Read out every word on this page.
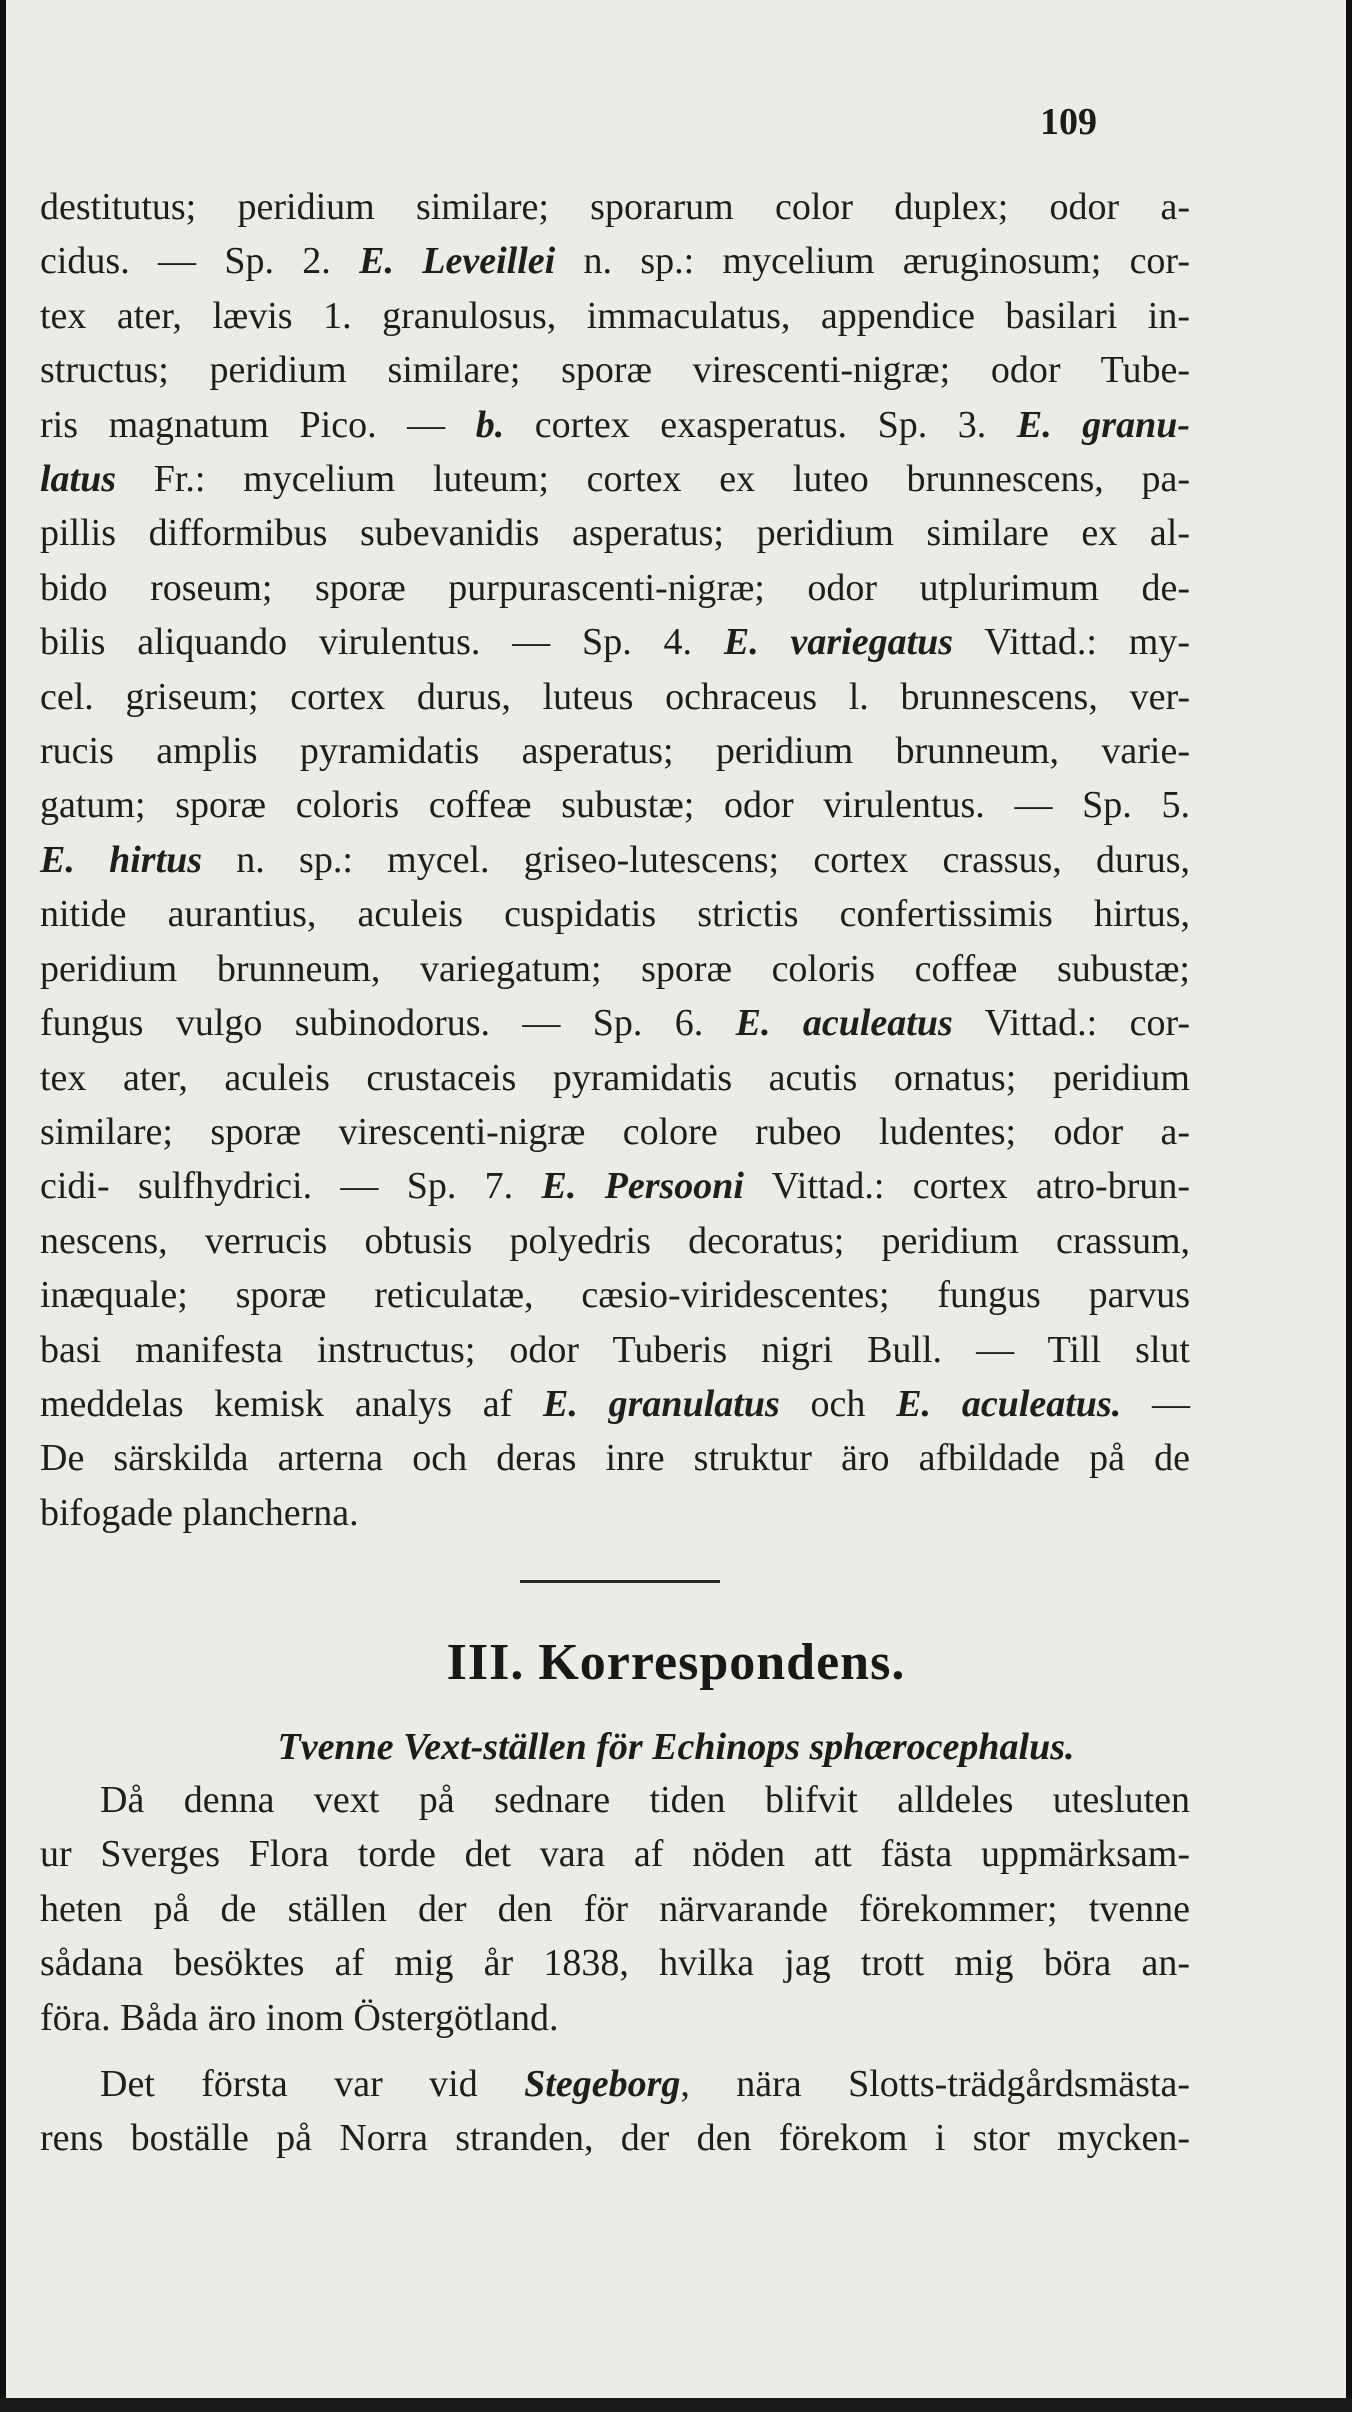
109
destitutus; peridium similare; sporarum color duplex; odor a-
cidus. — Sp. 2. E. Leveillei n. sp.: mycelium æruginosum; cor-
tex ater, lævis 1. granulosus, immaculatus, appendice basilari in-
structus; peridium similare; sporæ virescenti-nigræ; odor Tube-
ris magnatum Pico. — b. cortex exasperatus. Sp. 3. E. granu-
latus Fr.: mycelium luteum; cortex ex luteo brunnescens, pa-
pillis difformibus subevanidis asperatus; peridium similare ex al-
bido roseum; sporæ purpurascenti-nigræ; odor utplurimum de-
bilis aliquando virulentus. — Sp. 4. E. variegatus Vittad.: my-
cel. griseum; cortex durus, luteus ochraceus l. brunnescens, ver-
rucis amplis pyramidatis asperatus; peridium brunneum, varie-
gatum; sporæ coloris coffeæ subustæ; odor virulentus. — Sp. 5.
E. hirtus n. sp.: mycel. griseo-lutescens; cortex crassus, durus,
nitide aurantius, aculeis cuspidatis strictis confertissimis hirtus,
peridium brunneum, variegatum; sporæ coloris coffeæ subustæ;
fungus vulgo subinodorus. — Sp. 6. E. aculeatus Vittad.: cor-
tex ater, aculeis crustaceis pyramidatis acutis ornatus; peridium
similare; sporæ virescenti-nigræ colore rubeo ludentes; odor a-
cidi- sulfhydrici. — Sp. 7. E. Persooni Vittad.: cortex atro-brun-
nescens, verrucis obtusis polyedris decoratus; peridium crassum,
inæquale; sporæ reticulatæ, cæsio-viridescentes; fungus parvus
basi manifesta instructus; odor Tuberis nigri Bull. — Till slut
meddelas kemisk analys af E. granulatus och E. aculeatus. —
De särskilda arterna och deras inre struktur äro afbildade på de
bifogade plancherna.
III. Korrespondens.
Tvenne Vext-ställen för Echinops sphærocephalus.
Då denna vext på sednare tiden blifvit alldeles utesluten
ur Sverges Flora torde det vara af nöden att fästa uppmärksam-
heten på de ställen der den för närvarande förekommer; tvenne
sådana besöktes af mig år 1838, hvilka jag trott mig böra an-
föra. Båda äro inom Östergötland.
Det första var vid Stegeborg, nära Slotts-trädgårdsmästa-
rens boställe på Norra stranden, der den förekom i stor mycken-
